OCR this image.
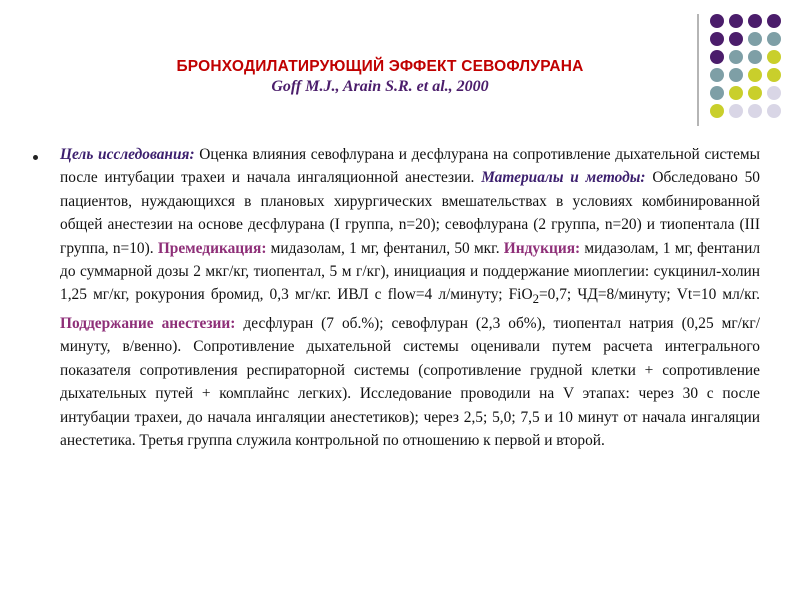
БРОНХОДИЛАТИРУЮЩИЙ ЭФФЕКТ СЕВОФЛУРАНА
Goff M.J., Arain S.R. et al., 2000

Цель исследования: Оценка влияния севофлурана и десфлурана на сопротивление дыхательной системы после интубации трахеи и начала ингаляционной анестезии. Материалы и методы: Обследовано 50 пациентов, нуждающихся в плановых хирургических вмешательствах в условиях комбинированной общей анестезии на основе десфлурана (I группа, n=20); севофлурана (2 группа, n=20) и тиопентала (III группа, n=10). Премедикация: мидазолам, 1 мг, фентанил, 50 мкг. Индукция: мидазолам, 1 мг, фентанил до суммарной дозы 2 мкг/кг, тиопентал, 5 м г/кг), инициация и поддержание миоплегии: сукцинил-холин 1,25 мг/кг, рокурония бромид, 0,3 мг/кг. ИВЛ с flow=4 л/минуту; FiO$_2$=0,7; ЧД=8/минуту; Vt=10 мл/кг. Поддержание анестезии: десфлуран (7 об.%); севофлуран (2,3 об%), тиопентал натрия (0,25 мг/кг/минуту, в/венно). Сопротивление дыхательной системы оценивали путем расчета интегрального показателя сопротивления респираторной системы (сопротивление грудной клетки + сопротивление дыхательных путей + комплайнс легких). Исследование проводили на V этапах: через 30 с после интубации трахеи, до начала ингаляции анестетиков); через 2,5; 5,0; 7,5 и 10 минут от начала ингаляции анестетика. Третья группа служила контрольной по отношению к первой и второй.
